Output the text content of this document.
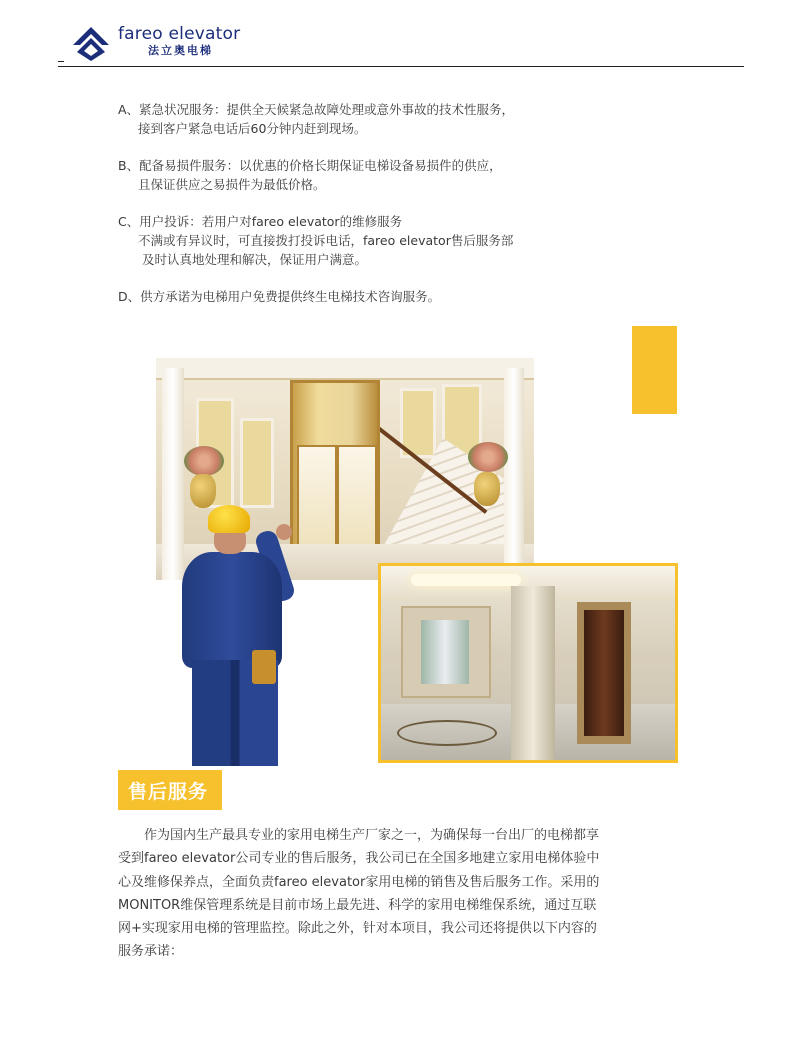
fareo elevator
法立奥电梯
A、紧急状况服务：提供全天候紧急故障处理或意外事故的技术性服务，
接到客户紧急电话后60分钟内赶到现场。
B、配备易损件服务：以优惠的价格长期保证电梯设备易损件的供应，
且保证供应之易损件为最低价格。
C、用户投诉：若用户对fareo elevator的维修服务
不满或有异议时，可直接拨打投诉电话，fareo elevator售后服务部
及时认真地处理和解决，保证用户满意。
D、供方承诺为电梯用户免费提供终生电梯技术咨询服务。
售后服务
　　作为国内生产最具专业的家用电梯生产厂家之一，为确保每一台出厂的电梯都享
受到fareo elevator公司专业的售后服务，我公司已在全国多地建立家用电梯体验中
心及维修保养点，全面负责fareo elevator家用电梯的销售及售后服务工作。采用的
MONITOR维保管理系统是目前市场上最先进、科学的家用电梯维保系统，通过互联
网+实现家用电梯的管理监控。除此之外，针对本项目，我公司还将提供以下内容的
服务承诺：
